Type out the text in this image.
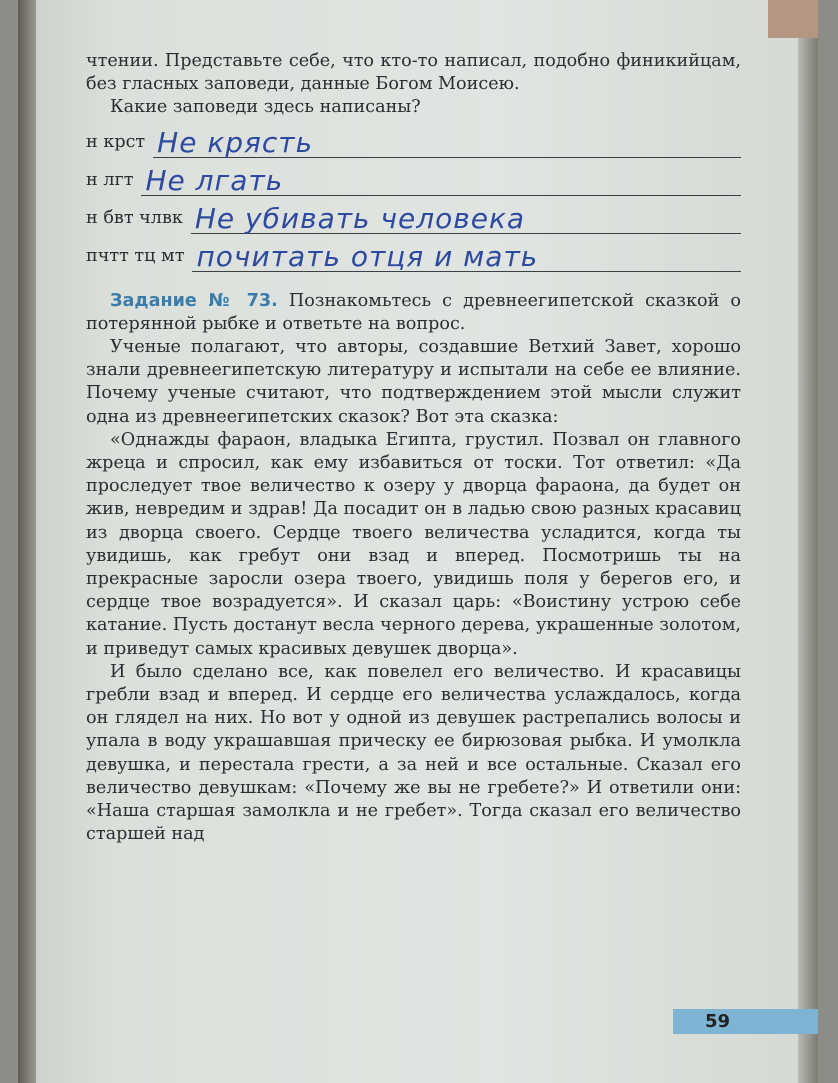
чтении. Представьте себе, что кто-то написал, подобно финикийцам, без гласных заповеди, данные Богом Моисею.

Какие заповеди здесь написаны?

н крст Не крясть
н лгт Не лгать
н бвт члвк Не убивать человека
пчтт тц мт почитать отця и мать

Задание № 73. Познакомьтесь с древнеегипетской сказкой о потерянной рыбке и ответьте на вопрос.

Ученые полагают, что авторы, создавшие Ветхий Завет, хорошо знали древнеегипетскую литературу и испытали на себе ее влияние. Почему ученые считают, что подтверждением этой мысли служит одна из древнеегипетских сказок? Вот эта сказка:

«Однажды фараон, владыка Египта, грустил. Позвал он главного жреца и спросил, как ему избавиться от тоски. Тот ответил: «Да проследует твое величество к озеру у дворца фараона, да будет он жив, невредим и здрав! Да посадит он в ладью свою разных красавиц из дворца своего. Сердце твоего величества усладится, когда ты увидишь, как гребут они взад и вперед. Посмотришь ты на прекрасные заросли озера твоего, увидишь поля у берегов его, и сердце твое возрадуется». И сказал царь: «Воистину устрою себе катание. Пусть достанут весла черного дерева, украшенные золотом, и приведут самых красивых девушек дворца».

И было сделано все, как повелел его величество. И красавицы гребли взад и вперед. И сердце его величества услаждалось, когда он глядел на них. Но вот у одной из девушек растрепались волосы и упала в воду украшавшая прическу ее бирюзовая рыбка. И умолкла девушка, и перестала грести, а за ней и все остальные. Сказал его величество девушкам: «Почему же вы не гребете?» И ответили они: «Наша старшая замолкла и не гребет». Тогда сказал его величество старшей над

59
